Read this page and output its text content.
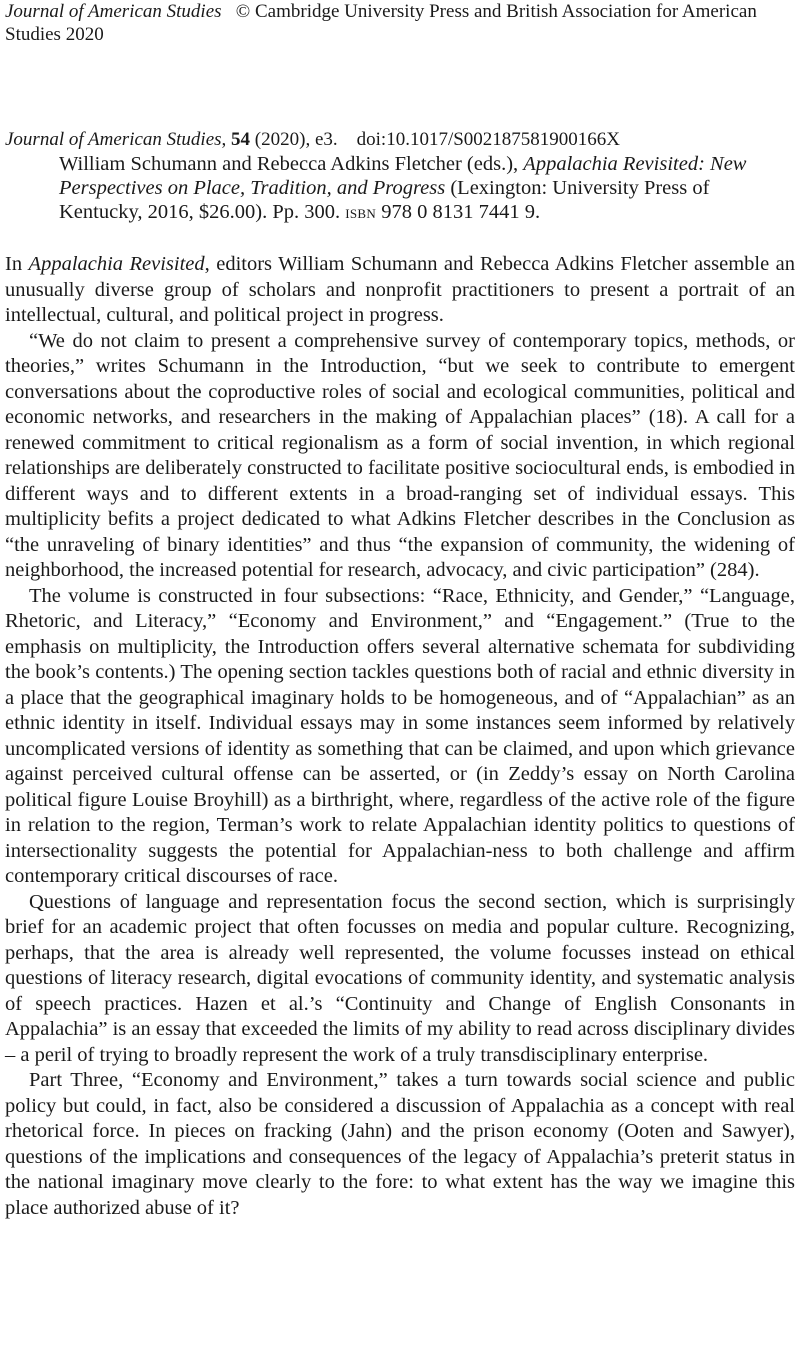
Journal of American Studies © Cambridge University Press and British Association for American Studies 2020
Journal of American Studies, 54 (2020), e3. doi:10.1017/S002187581900166X
William Schumann and Rebecca Adkins Fletcher (eds.), Appalachia Revisited: New Perspectives on Place, Tradition, and Progress (Lexington: University Press of Kentucky, 2016, $26.00). Pp. 300. isbn 978 0 8131 7441 9.

In Appalachia Revisited, editors William Schumann and Rebecca Adkins Fletcher assemble an unusually diverse group of scholars and nonprofit practitioners to present a portrait of an intellectual, cultural, and political project in progress.

“We do not claim to present a comprehensive survey of contemporary topics, methods, or theories,” writes Schumann in the Introduction, “but we seek to contribute to emergent conversations about the coproductive roles of social and ecological communities, political and economic networks, and researchers in the making of Appalachian places” (18). A call for a renewed commitment to critical regionalism as a form of social invention, in which regional relationships are deliberately constructed to facilitate positive sociocultural ends, is embodied in different ways and to different extents in a broad-ranging set of individual essays. This multiplicity befits a project dedicated to what Adkins Fletcher describes in the Conclusion as “the unraveling of binary identities” and thus “the expansion of community, the widening of neighborhood, the increased potential for research, advocacy, and civic participation” (284).

The volume is constructed in four subsections: “Race, Ethnicity, and Gender,” “Language, Rhetoric, and Literacy,” “Economy and Environment,” and “Engagement.” (True to the emphasis on multiplicity, the Introduction offers several alternative schemata for subdividing the book’s contents.) The opening section tackles questions both of racial and ethnic diversity in a place that the geographical imaginary holds to be homogeneous, and of “Appalachian” as an ethnic identity in itself. Individual essays may in some instances seem informed by relatively uncomplicated versions of identity as something that can be claimed, and upon which grievance against perceived cultural offense can be asserted, or (in Zeddy’s essay on North Carolina political figure Louise Broyhill) as a birthright, where, regardless of the active role of the figure in relation to the region, Terman’s work to relate Appalachian identity politics to questions of intersectionality suggests the potential for Appalachian-ness to both challenge and affirm contemporary critical discourses of race.

Questions of language and representation focus the second section, which is surprisingly brief for an academic project that often focusses on media and popular culture. Recognizing, perhaps, that the area is already well represented, the volume focusses instead on ethical questions of literacy research, digital evocations of community identity, and systematic analysis of speech practices. Hazen et al.’s “Continuity and Change of English Consonants in Appalachia” is an essay that exceeded the limits of my ability to read across disciplinary divides – a peril of trying to broadly represent the work of a truly transdisciplinary enterprise.

Part Three, “Economy and Environment,” takes a turn towards social science and public policy but could, in fact, also be considered a discussion of Appalachia as a concept with real rhetorical force. In pieces on fracking (Jahn) and the prison economy (Ooten and Sawyer), questions of the implications and consequences of the legacy of Appalachia’s preterit status in the national imaginary move clearly to the fore: to what extent has the way we imagine this place authorized abuse of it?
